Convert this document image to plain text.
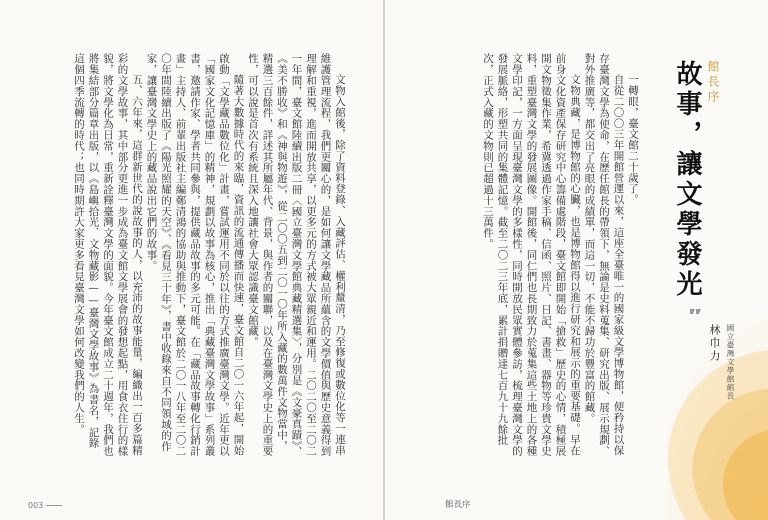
文物入館後，除了資料登錄、入藏評估、權利釐清，乃至修復或數位化等一連串維護管理流程，我們更關心的，是如何讓文學藏品所蘊含的文學價值與歷史意義得到理解和重視，進而開放共享，以更多元的方式被大眾親近和運用。二〇二〇至二〇二一年間，臺文館陸續出版二冊〈國立臺灣文學館典藏精選集〉，分別是《文豪真蹟》、《美不勝收》和《神與物遊》，從二〇〇五到二〇一〇年所入藏的數萬件文物當中，精選三百餘件，詳述其所屬年代、背景，與作者的關聯，以及在臺灣文學史上的重要性，可以說是首次有系統且深入地讓社會大眾認識臺文館藏。

隨著大數據時代的來臨，資訊的流通傳播而快速，臺文館自二〇一六年起，開始啟動「文學藏品數位化」計畫，嘗試運用不同於以往的方式推廣臺灣文學。近年更以「國家文化記憶庫」的精神，規劃以故事為核心，推出「典藏臺灣文學故事」系列叢書，邀請作家、學者共同參與，提供藏品故事的多元可能。在「藏品故事轉化行銷計畫」主持人、前輩出版社主編鄭清鴻的協助與推動下，臺文館於二〇一八年至二〇二〇年間陸續出版了《陽光照耀的天空》、《看見三十年》，書中收錄來自不同領域的作家，讓臺灣文學史上的藏品說出它們的故事。

五、六年來，這群新世代的說故事的人，以充沛的故事能量，編織出一百多篇精彩的文學故事，其中部分更進一步成為臺文館文學展會的發想起點，用食衣住行的樣貌，將文學化為日常，重新詮釋臺灣文學的面貌。今年臺文館成立二十週年，我們也將集結部分篇章出版，以《島嶼拾光．文物藏影——臺灣文學故事》為書名，記錄這個四季流轉的時代；也同時期許大家更多看見臺灣文學如何改變我們的人生。

003
館長序
故事，讓文學發光

一轉眼，臺文館二十歲了。

自從二〇〇三年開館營運以來，這座全臺唯一的國家級文學博物館，便矜持以保存臺灣文學為使命，在歷任館長的帶領下，無論是史料蒐集、研究出版、展示規劃、對外推廣等，都交出了亮眼的成績單，而這一切，不能不歸功於豐富的館藏。

文物典藏，是博物館的心臟，也是博物館得以進行研究和展示的重要基礎。早在前身文化資產保存研究中心籌備處階段，臺文館即開始「搶救」歷史的心情，積極展開文物徵集作業，希冀透過作家手稿、信函、照片、日記、書畫、器物等珍貴文學史料，重塑臺灣文學的發展圖像。開館後，同仁們也長期致力於蒐集這些土地上的各種文學印記，一方面呈現臺灣文學的多樣性，同時開放民眾實體參訪，梳理臺灣文學的發展脈絡，形塑共同的集體記憶。截至二〇二三年底，累計捐贈達七百九十九餘批次，正式入藏的文物則已超過十三萬件。

林巾力 國立臺灣文學館館長
館長序
